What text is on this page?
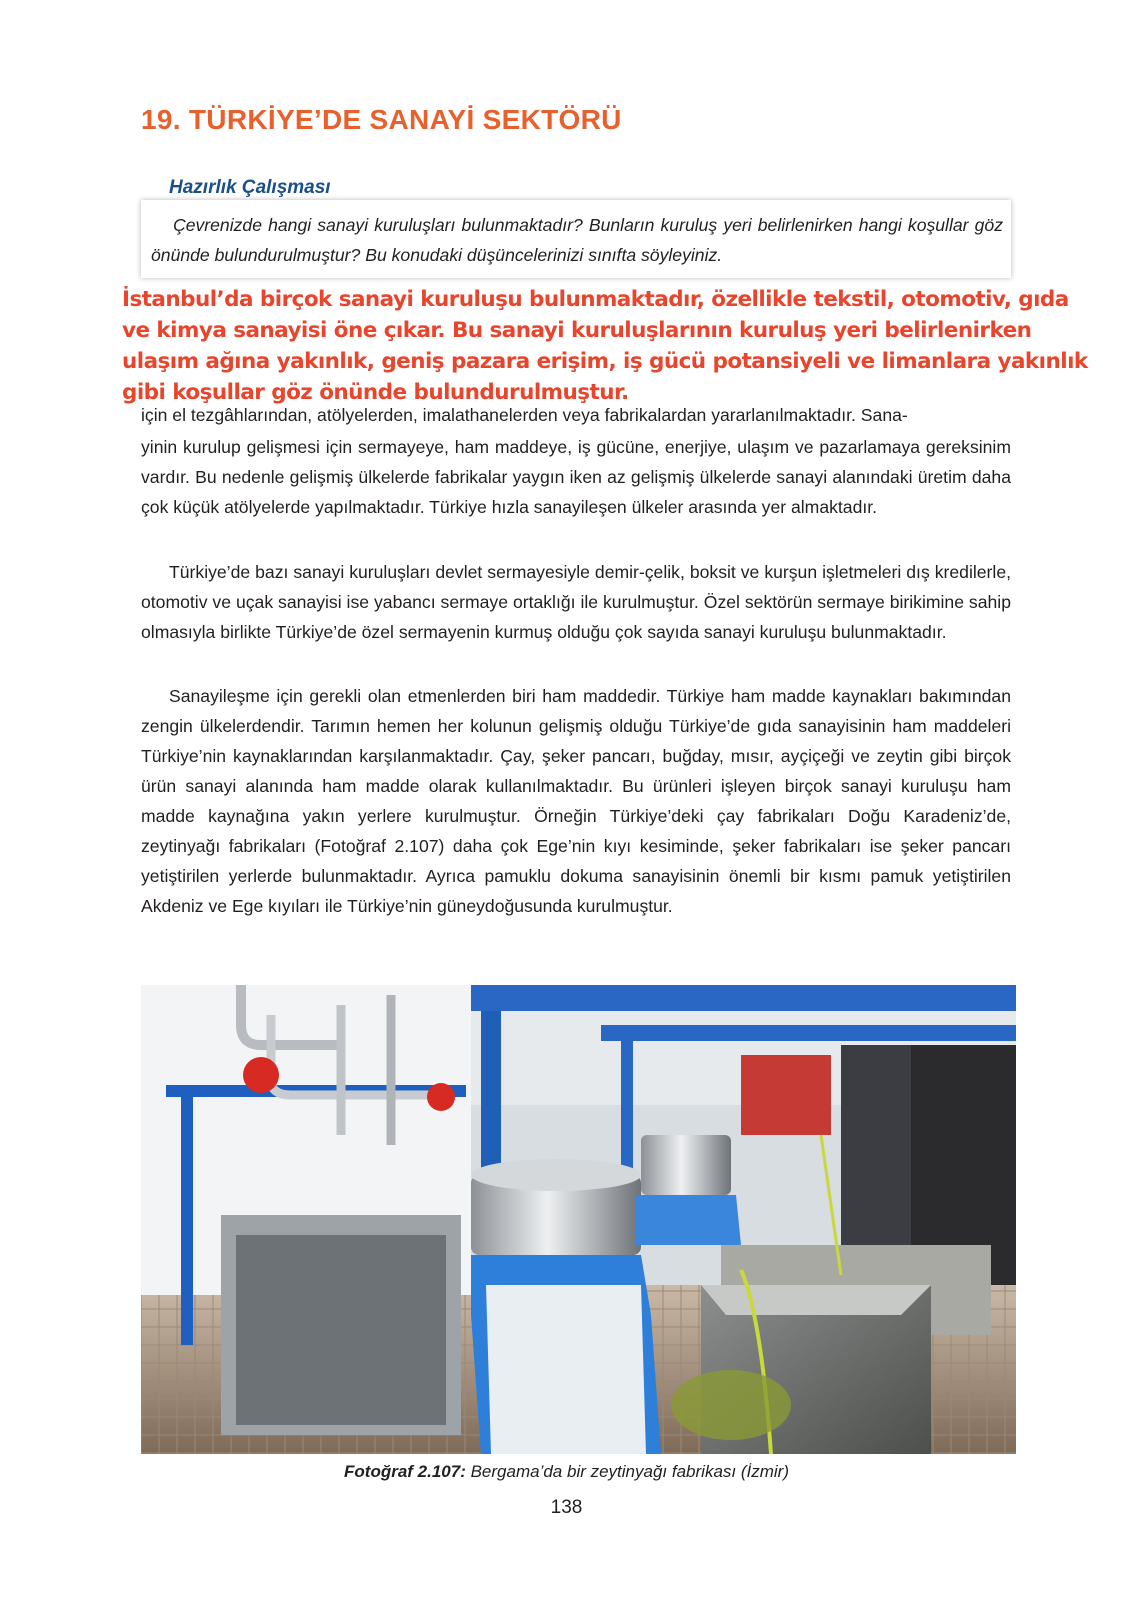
19. TÜRKİYE’DE SANAYİ SEKTÖRÜ
Hazırlık Çalışması
Çevrenizde hangi sanayi kuruluşları bulunmaktadır? Bunların kuruluş yeri belirlenirken hangi koşullar göz önünde bulundurulmuştur? Bu konudaki düşüncelerinizi sınıfta söyleyiniz.
İstanbul’da birçok sanayi kuruluşu bulunmaktadır, özellikle tekstil, otomotiv, gıda
ve kimya sanayisi öne çıkar. Bu sanayi kuruluşlarının kuruluş yeri belirlenirken
ulaşım ağına yakınlık, geniş pazara erişim, iş gücü potansiyeli ve limanlara yakınlık
gibi koşullar göz önünde bulundurulmuştur.
için el tezgâhlarından, atölyelerden, imalathanelerden veya fabrikalardan yararlanılmaktadır. Sana-

yinin kurulup gelişmesi için sermayeye, ham maddeye, iş gücüne, enerjiye, ulaşım ve pazarlamaya gereksinim vardır. Bu nedenle gelişmiş ülkelerde fabrikalar yaygın iken az gelişmiş ülkelerde sanayi alanındaki üretim daha çok küçük atölyelerde yapılmaktadır. Türkiye hızla sanayileşen ülkeler arasında yer almaktadır.

Türkiye’de bazı sanayi kuruluşları devlet sermayesiyle demir-çelik, boksit ve kurşun işletmeleri dış kredilerle, otomotiv ve uçak sanayisi ise yabancı sermaye ortaklığı ile kurulmuştur. Özel sektörün sermaye birikimine sahip olmasıyla birlikte Türkiye’de özel sermayenin kurmuş olduğu çok sayıda sanayi kuruluşu bulunmaktadır.

Sanayileşme için gerekli olan etmenlerden biri ham maddedir. Türkiye ham madde kaynakları bakımından zengin ülkelerdendir. Tarımın hemen her kolunun gelişmiş olduğu Türkiye’de gıda sanayisinin ham maddeleri Türkiye’nin kaynaklarından karşılanmaktadır. Çay, şeker pancarı, buğday, mısır, ayçiçeği ve zeytin gibi birçok ürün sanayi alanında ham madde olarak kullanılmaktadır. Bu ürünleri işleyen birçok sanayi kuruluşu ham madde kaynağına yakın yerlere kurulmuştur. Örneğin Türkiye’deki çay fabrikaları Doğu Karadeniz’de, zeytinyağı fabrikaları (Fotoğraf 2.107) daha çok Ege’nin kıyı kesiminde, şeker fabrikaları ise şeker pancarı yetiştirilen yerlerde bulunmaktadır. Ayrıca pamuklu dokuma sanayisinin önemli bir kısmı pamuk yetiştirilen Akdeniz ve Ege kıyıları ile Türkiye’nin güneydoğusunda kurulmuştur.

Fotoğraf 2.107: Bergama’da bir zeytinyağı fabrikası (İzmir)
138
